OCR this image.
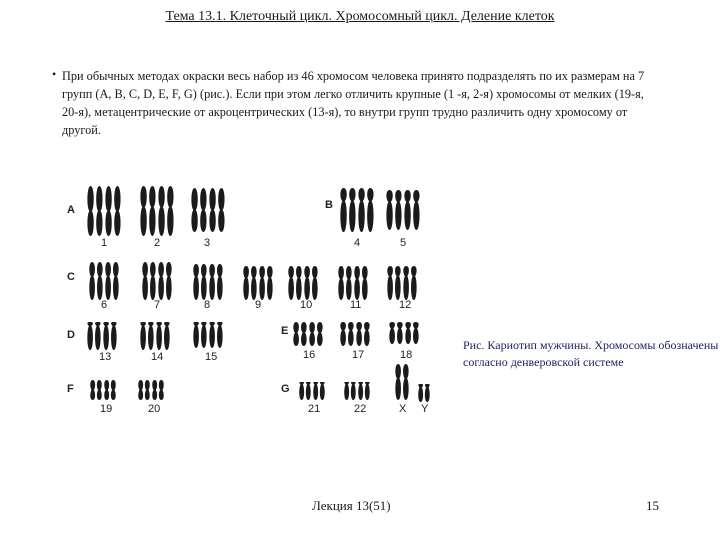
Тема 13.1. Клеточный цикл. Хромосомный цикл. Деление клеток
• При обычных методах окраски весь набор из 46 хромосом человека принято подразделять по их размерам на 7 групп (А, В, С, D, E, F, G) (рис.). Если при этом легко отличить крупные (1 -я, 2-я) хромосомы от мелких (19-я, 20-я), метацентрические от акроцентрических (13-я), то внутри групп трудно различить одну хромосому от другой.
A	B
C
D	E
F	G
1	2	3	4	5
6	7	8	9	10	11	12
13	14	15	16	17	18
19	20	21	22	X Y
Рис. Кариотип мужчины. Хромосомы обозначены согласно денверовской системе
Лекция 13(51)	15
